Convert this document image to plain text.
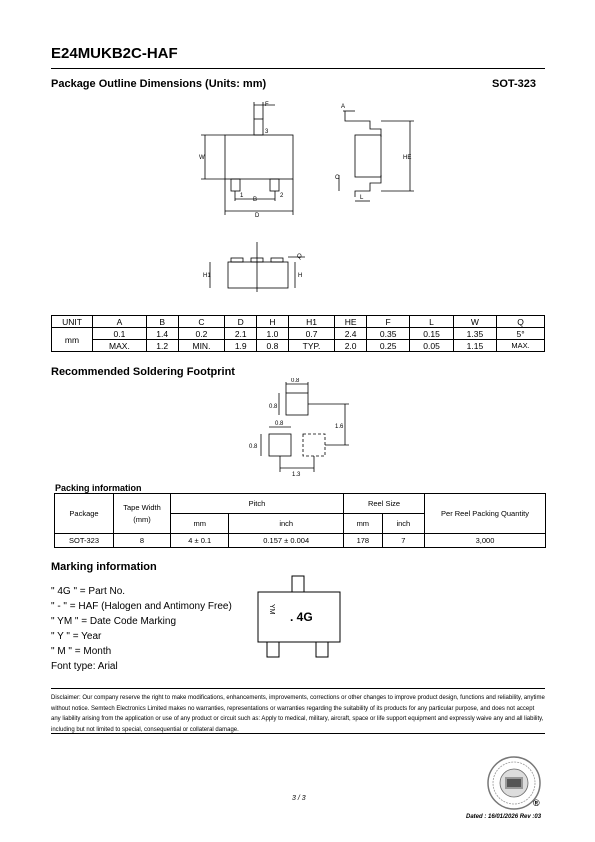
E24MUKB2C-HAF
Package Outline Dimensions (Units: mm)	SOT-323
F
3
W
1
B
2
D
A
HE
C
L
Q
H1	H
UNIT	A	B	C	D	H	H1	HE	F	L	W	Q
mm	0.1	1.4	0.2	2.1	1.0	0.7	2.4	0.35	0.15	1.35	5°
	MAX.	1.2	MIN.	1.9	0.8	TYP.	2.0	0.25	0.05	1.15	MAX.
Recommended Soldering Footprint
0.8
0.8
0.8
0.8
1.6
1.3
Packing information
Package	Tape Width (mm)	Pitch		Reel Size		Per Reel Packing Quantity
		mm	inch	mm	inch	
SOT-323	8	4 ± 0.1	0.157 ± 0.004	178	7	3,000
Marking information
" 4G " = Part No.
" - " = HAF (Halogen and Antimony Free)
" YM " = Date Code Marking
" Y " = Year
" M " = Month
Font type: Arial
. 4G
YM
Disclaimer: Our company reserve the right to make modifications, enhancements, improvements, corrections or other changes to improve product design, functions and reliability, anytime without notice. Semtech Electronics Limited makes no warranties, representations or warranties regarding the suitability of its products for any particular purpose, and does not accept any liability arising from the application or use of any product or circuit such as: Apply to medical, military, aircraft, space or life support equipment and expressly waive any and all liability, including but not limited to special, consequential or collateral damage.
3 / 3	®
Dated : 16/01/2026 Rev :03
